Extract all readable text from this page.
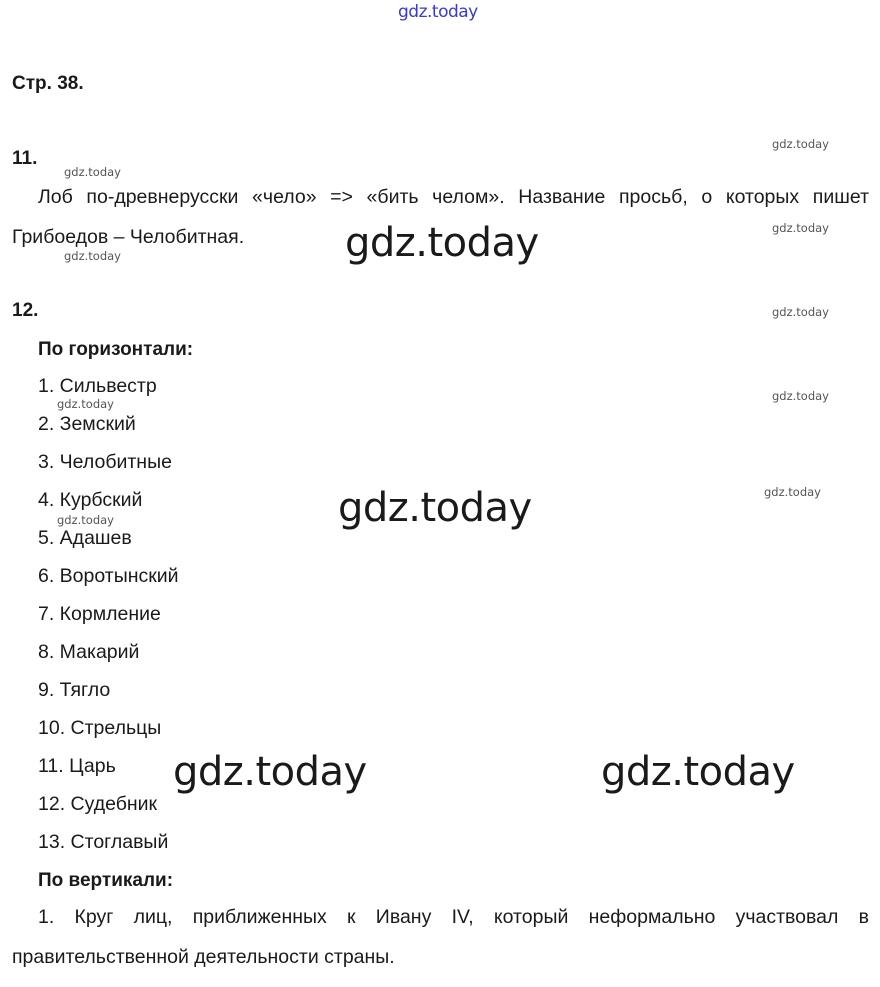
gdz.today
Стр. 38.
11.
Лоб по-древнерусски «чело» => «бить челом». Название просьб, о которых пишет Грибоедов – Челобитная.
12.
По горизонтали:
1. Сильвестр
2. Земский
3. Челобитные
4. Курбский
5. Адашев
6. Воротынский
7. Кормление
8. Макарий
9. Тягло
10. Стрельцы
11. Царь
12. Судебник
13. Стоглавый
По вертикали:
1. Круг лиц, приближенных к Ивану IV, который неформально участвовал в правительственной деятельности страны.
gdz.today
gdz.today
gdz.today
gdz.today
gdz.today
gdz.today
gdz.today
gdz.today
gdz.today
gdz.today
gdz.today
gdz.today	gdz.today
